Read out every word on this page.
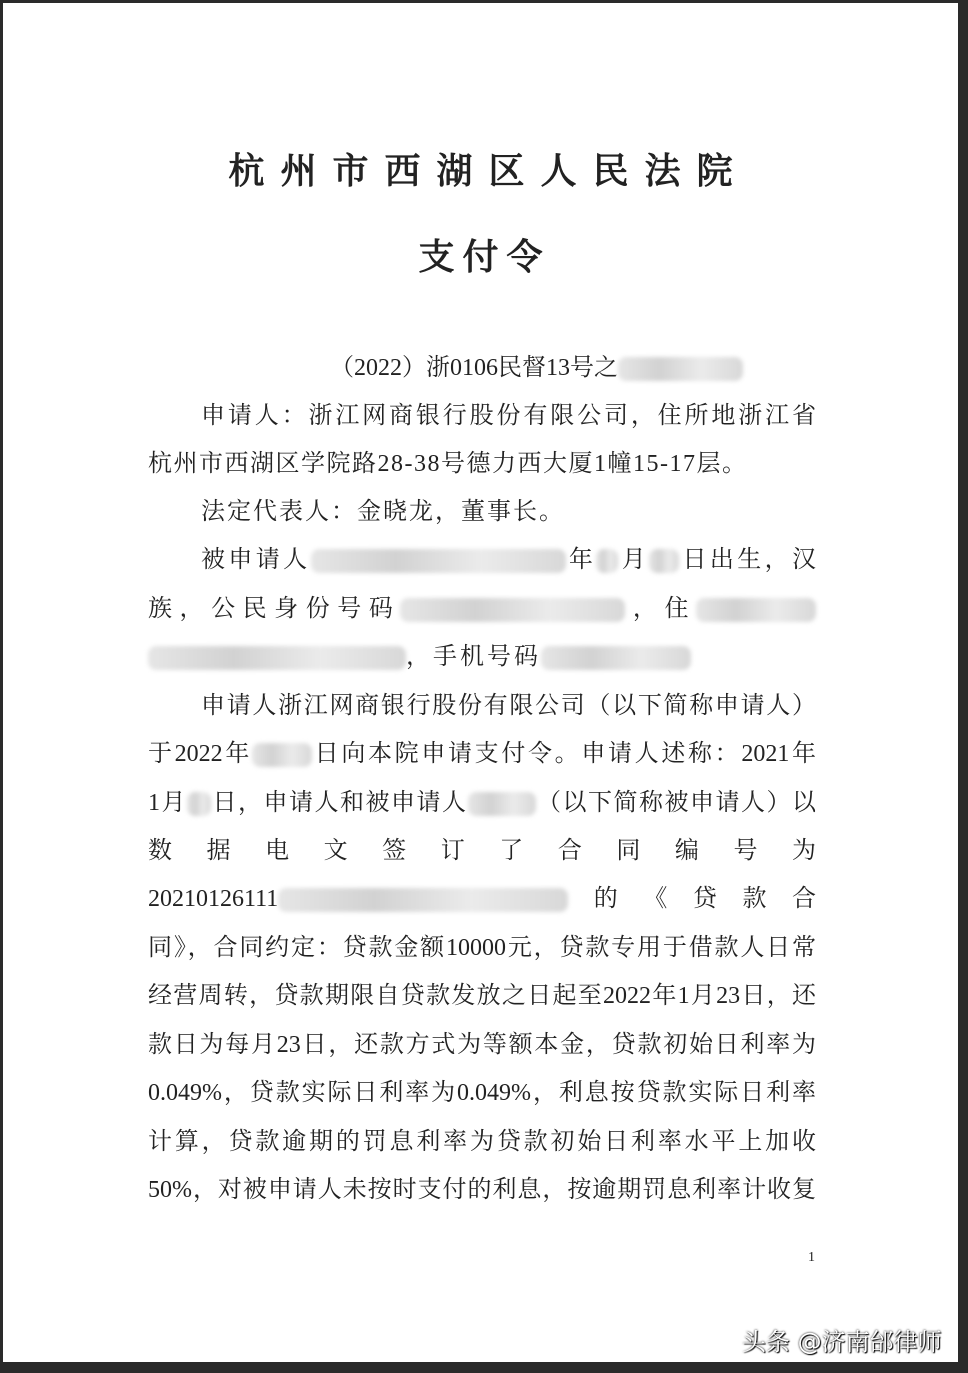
杭州市西湖区人民法院
支付令
（2022）浙0106民督13号之
申请人：浙江网商银行股份有限公司，住所地浙江省
杭州市西湖区学院路28-38号德力西大厦1幢15-17层。
法定代表人：金晓龙，董事长。
被申请人	年 月 日出生，汉
族，公民身份号码	，住
，手机号码
申请人浙江网商银行股份有限公司（以下简称申请人）
于2022年	日向本院申请支付令。申请人述称：2021年
1月 日，申请人和被申请人	（以下简称被申请人）以
数据电文签订了合同编号为
20210126111	的《贷款合
同》，合同约定：贷款金额10000元，贷款专用于借款人日常
经营周转，贷款期限自贷款发放之日起至2022年1月23日，还
款日为每月23日，还款方式为等额本金，贷款初始日利率为
0.049%，贷款实际日利率为0.049%，利息按贷款实际日利率
计算，贷款逾期的罚息利率为贷款初始日利率水平上加收
50%，对被申请人未按时支付的利息，按逾期罚息利率计收复
1
头条 @济南邰律师
